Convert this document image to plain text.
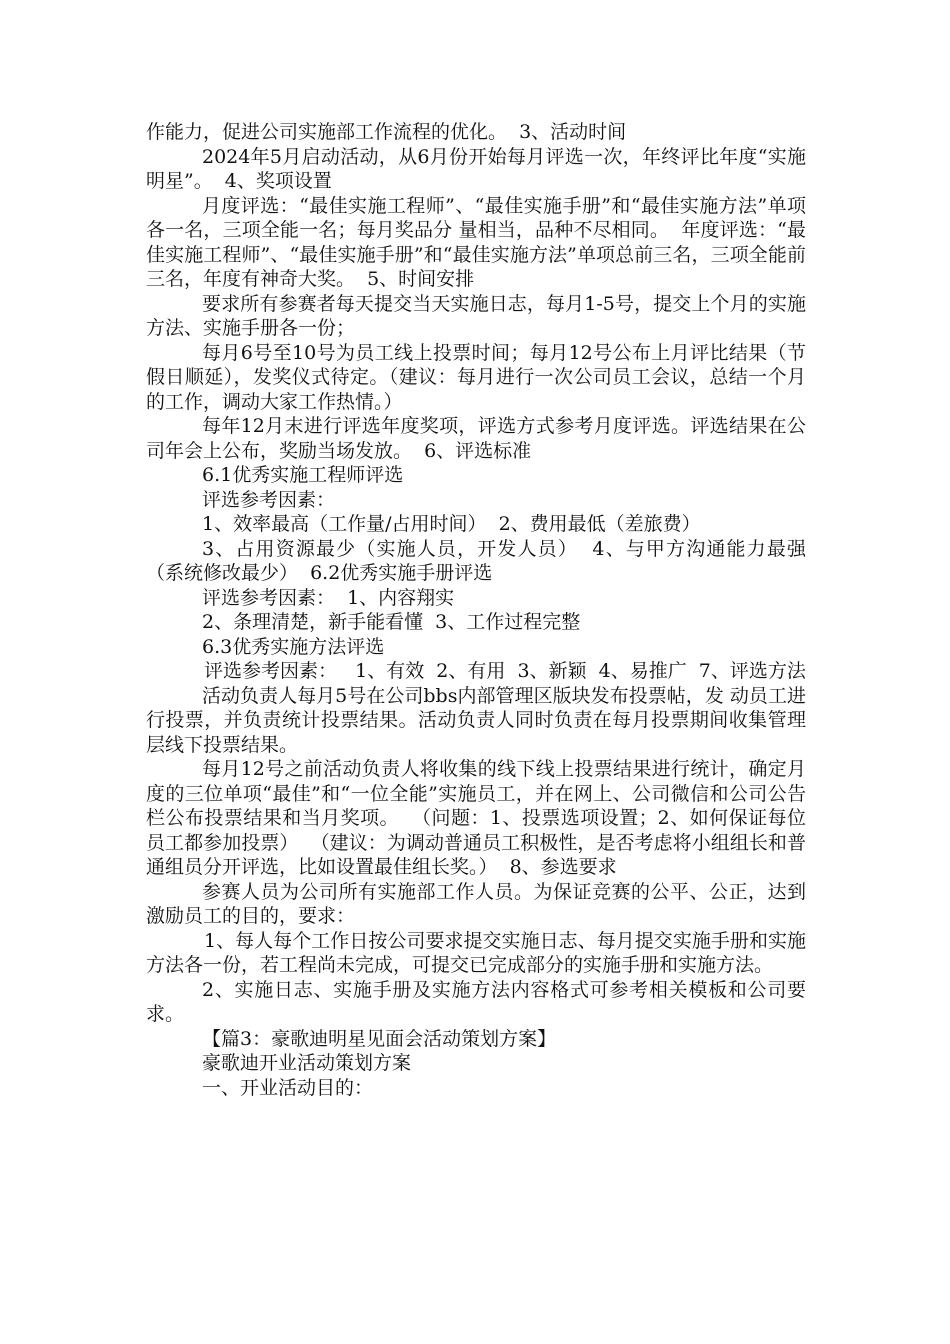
作能力，促进公司实施部工作流程的优化。  3、活动时间

2024年5月启动活动，从6月份开始每月评选一次，年终评比年度“实施明星”。  4、奖项设置

月度评选：“最佳实施工程师”、“最佳实施手册”和“最佳实施方法”单项各一名，三项全能一名；每月奖品分 量相当，品种不尽相同。  年度评选：“最佳实施工程师”、“最佳实施手册”和“最佳实施方法”单项总前三名，三项全能前三名，年度有神奇大奖。  5、时间安排

要求所有参赛者每天提交当天实施日志，每月1-5号，提交上个月的实施方法、实施手册各一份；

每月6号至10号为员工线上投票时间；每月12号公布上月评比结果（节假日顺延），发奖仪式待定。（建议：每月进行一次公司员工会议，总结一个月的工作，调动大家工作热情。）

每年12月末进行评选年度奖项，评选方式参考月度评选。评选结果在公司年会上公布，奖励当场发放。  6、评选标准

6.1优秀实施工程师评选

评选参考因素：

1、效率最高（工作量/占用时间）  2、费用最低（差旅费）

3、占用资源最少（实施人员，开发人员）  4、与甲方沟通能力最强（系统修改最少）  6.2优秀实施手册评选

评选参考因素：  1、内容翔实

2、条理清楚，新手能看懂  3、工作过程完整

6.3优秀实施方法评选

评选参考因素：   1、有效  2、有用  3、新颖  4、易推广  7、评选方法

活动负责人每月5号在公司bbs内部管理区版块发布投票帖，发 动员工进行投票，并负责统计投票结果。活动负责人同时负责在每月投票期间收集管理层线下投票结果。

每月12号之前活动负责人将收集的线下线上投票结果进行统计，确定月度的三位单项“最佳”和“一位全能”实施员工，并在网上、公司微信和公司公告栏公布投票结果和当月奖项。  （问题：1、投票选项设置；2、如何保证每位员工都参加投票）  （建议：为调动普通员工积极性，是否考虑将小组组长和普通组员分开评选，比如设置最佳组长奖。）  8、参选要求

参赛人员为公司所有实施部工作人员。为保证竞赛的公平、公正，达到激励员工的目的，要求：

1、每人每个工作日按公司要求提交实施日志、每月提交实施手册和实施方法各一份，若工程尚未完成，可提交已完成部分的实施手册和实施方法。

2、实施日志、实施手册及实施方法内容格式可参考相关模板和公司要求。

【篇3：豪歌迪明星见面会活动策划方案】

豪歌迪开业活动策划方案

一、开业活动目的：
